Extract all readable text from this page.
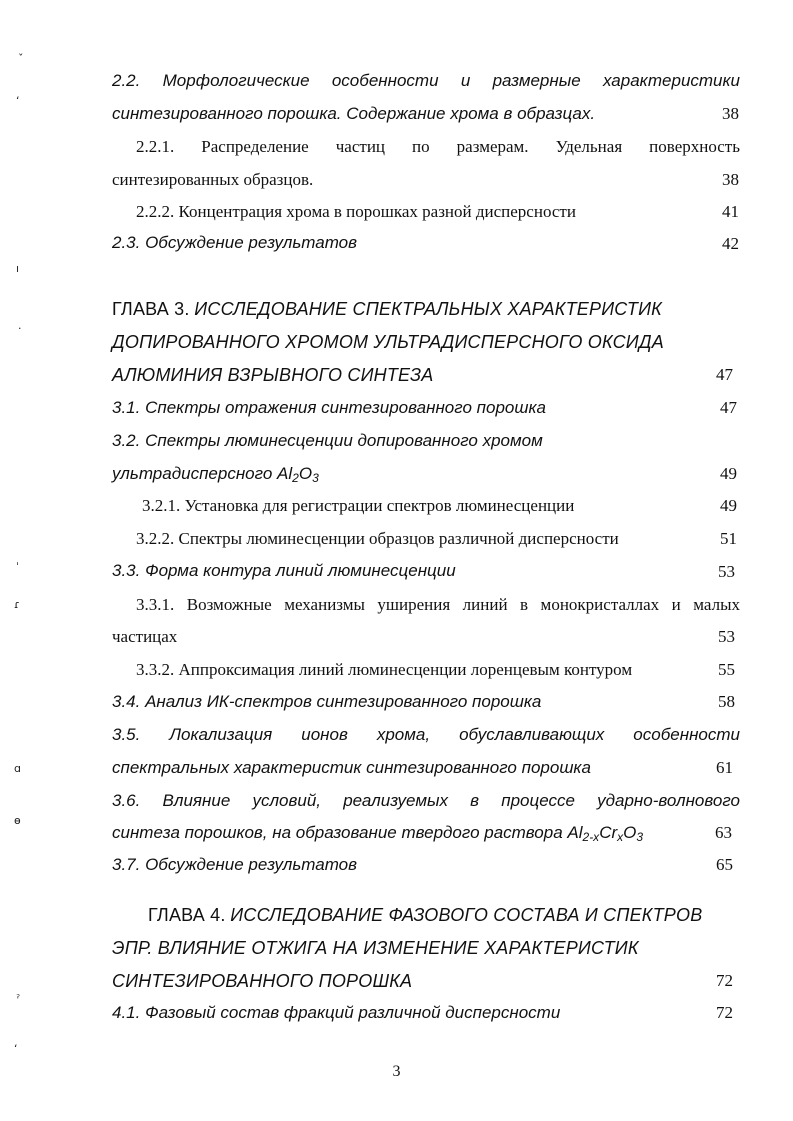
ˇ
ʻ
ı
·
ˈ
ɾ
ɑ
ɵ
ˀ
ʻ
2.2. Морфологические особенности и размерные характеристики
синтезированного порошка. Содержание хрома в образцах.	38
2.2.1. Распределение частиц по размерам. Удельная поверхность
синтезированных образцов.	38
2.2.2. Концентрация хрома в порошках разной дисперсности	41
2.3. Обсуждение результатов	42
ГЛАВА 3. ИССЛЕДОВАНИЕ СПЕКТРАЛЬНЫХ ХАРАКТЕРИСТИК
ДОПИРОВАННОГО ХРОМОМ УЛЬТРАДИСПЕРСНОГО ОКСИДА
АЛЮМИНИЯ ВЗРЫВНОГО СИНТЕЗА	47
3.1. Спектры отражения синтезированного порошка	47
3.2. Спектры люминесценции допированного хромом
ультрадисперсного $Al_2O_3$	49
3.2.1. Установка для регистрации спектров люминесценции	49
3.2.2. Спектры люминесценции образцов различной дисперсности	51
3.3. Форма контура линий люминесценции	53
3.3.1. Возможные механизмы уширения линий в монокристаллах и малых
частицах	53
3.3.2. Аппроксимация линий люминесценции лоренцевым контуром	55
3.4. Анализ ИК-спектров синтезированного порошка	58
3.5. Локализация ионов хрома, обуславливающих особенности
спектральных характеристик синтезированного порошка	61
3.6. Влияние условий, реализуемых в процессе ударно-волнового
синтеза порошков, на образование твердого раствора $Al_{2-x}Cr_xO_3$	63
3.7. Обсуждение результатов	65
ГЛАВА 4. ИССЛЕДОВАНИЕ ФАЗОВОГО СОСТАВА И СПЕКТРОВ
ЭПР. ВЛИЯНИЕ ОТЖИГА НА ИЗМЕНЕНИЕ ХАРАКТЕРИСТИК
СИНТЕЗИРОВАННОГО ПОРОШКА	72
4.1. Фазовый состав фракций различной дисперсности	72
3
